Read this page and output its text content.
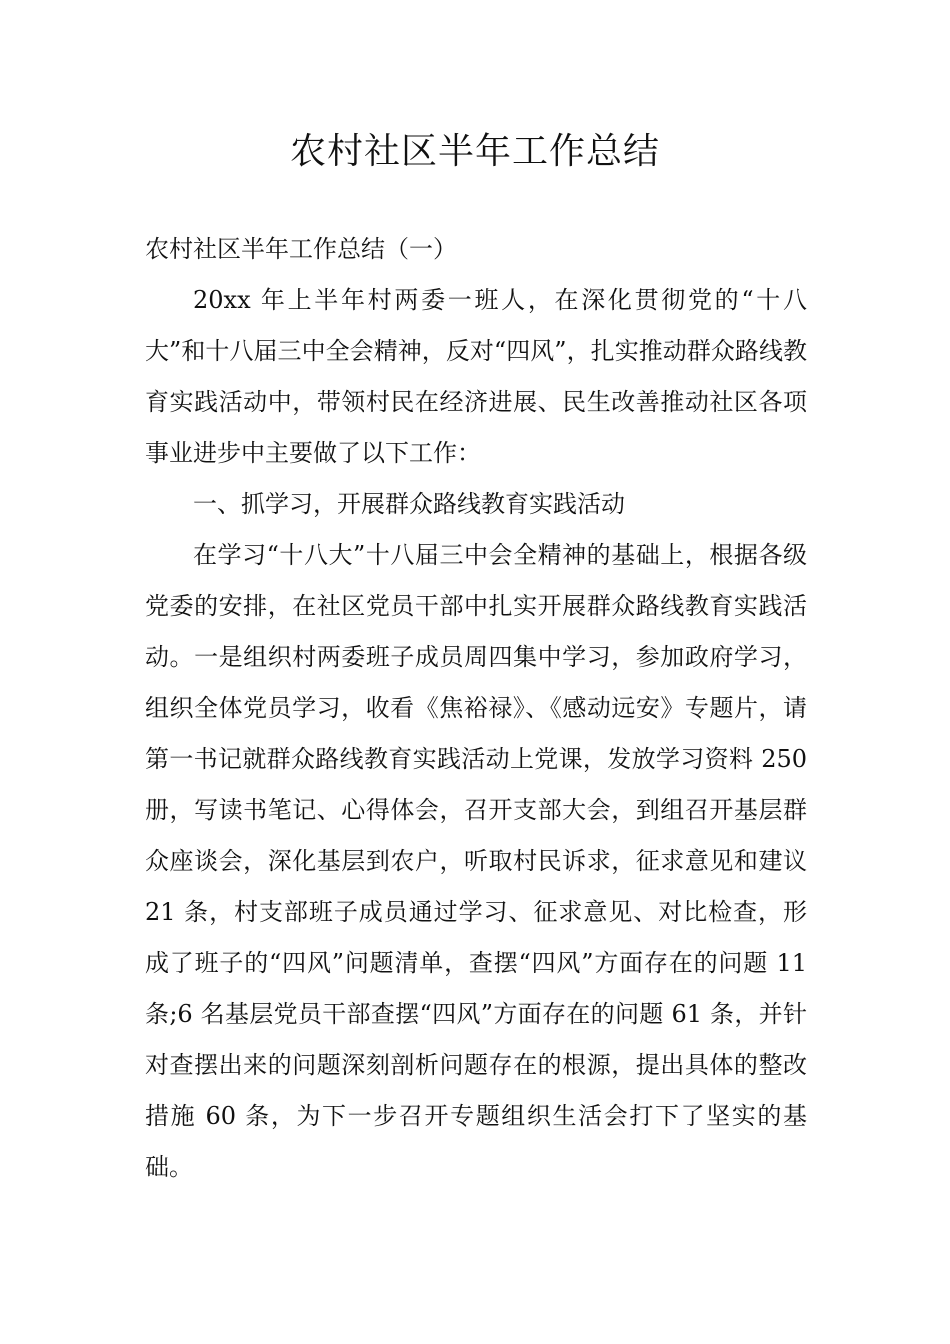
农村社区半年工作总结

农村社区半年工作总结（一）

20xx 年上半年村两委一班人，在深化贯彻党的“十八大”和十八届三中全会精神，反对“四风”，扎实推动群众路线教育实践活动中，带领村民在经济进展、民生改善推动社区各项事业进步中主要做了以下工作：

一、抓学习，开展群众路线教育实践活动

在学习“十八大”十八届三中会全精神的基础上，根据各级党委的安排，在社区党员干部中扎实开展群众路线教育实践活动。一是组织村两委班子成员周四集中学习，参加政府学习，组织全体党员学习，收看《焦裕禄》、《感动远安》专题片，请第一书记就群众路线教育实践活动上党课，发放学习资料 250 册，写读书笔记、心得体会，召开支部大会，到组召开基层群众座谈会，深化基层到农户，听取村民诉求，征求意见和建议 21 条，村支部班子成员通过学习、征求意见、对比检查，形成了班子的“四风”问题清单，查摆“四风”方面存在的问题 11 条;6 名基层党员干部查摆“四风”方面存在的问题 61 条，并针对查摆出来的问题深刻剖析问题存在的根源，提出具体的整改措施 60 条，为下一步召开专题组织生活会打下了坚实的基础。
